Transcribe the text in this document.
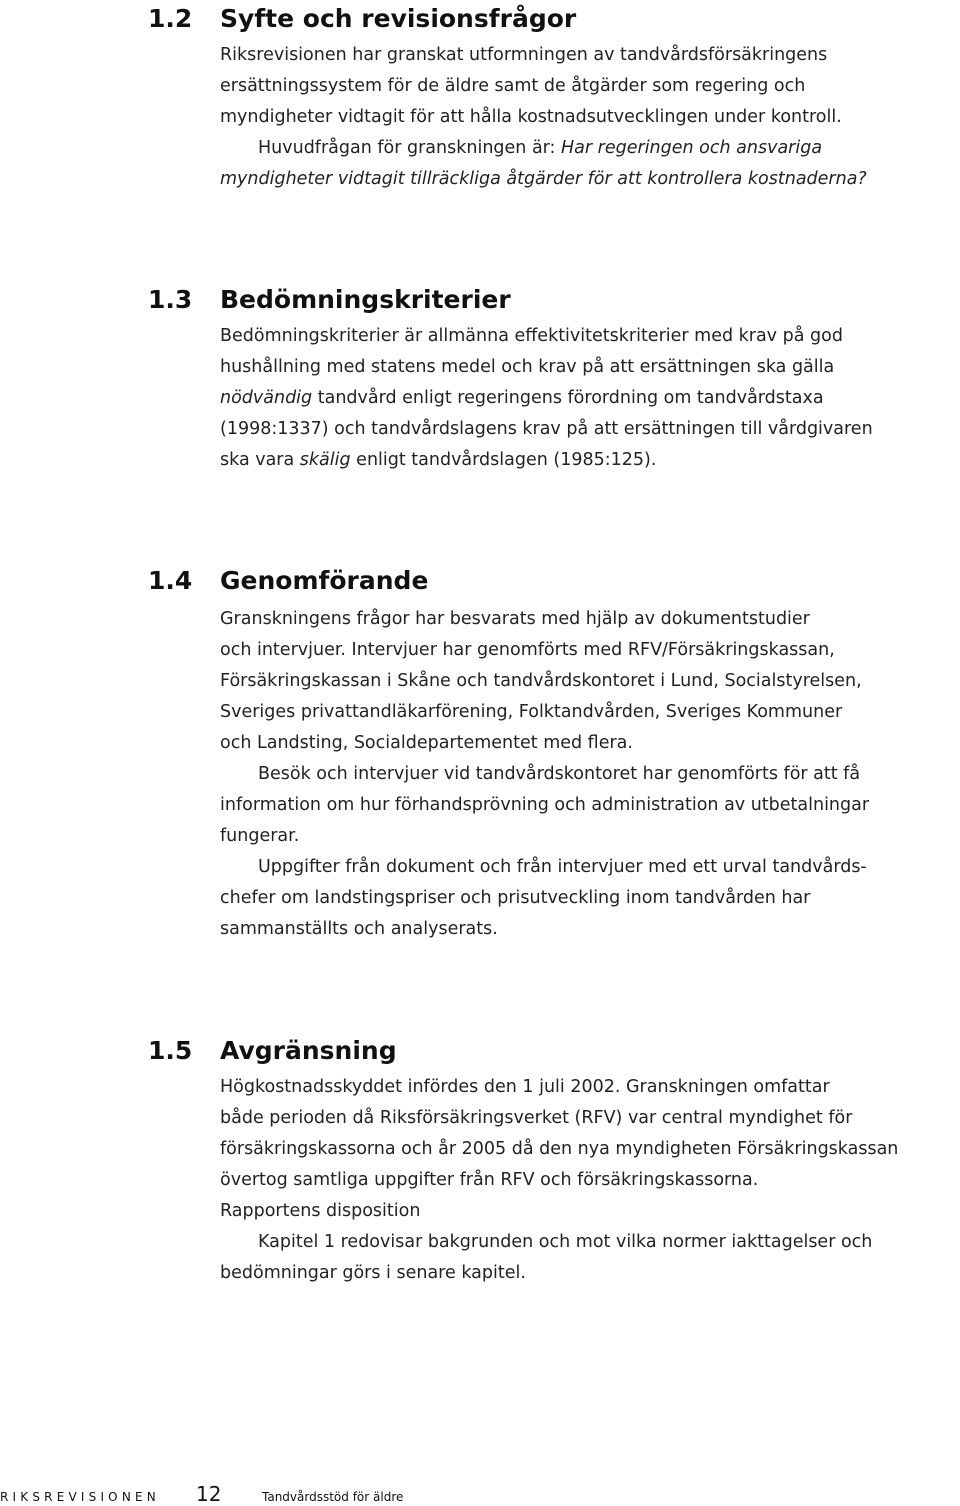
1.2 Syfte och revisionsfrågor

Riksrevisionen har granskat utformningen av tandvårdsförsäkringens
ersättningssystem för de äldre samt de åtgärder som regering och
myndigheter vidtagit för att hålla kostnadsutvecklingen under kontroll.

Huvudfrågan för granskningen är: Har regeringen och ansvariga
myndigheter vidtagit tillräckliga åtgärder för att kontrollera kostnaderna?

1.3 Bedömningskriterier

Bedömningskriterier är allmänna effektivitetskriterier med krav på god
hushållning med statens medel och krav på att ersättningen ska gälla
nödvändig tandvård enligt regeringens förordning om tandvårdstaxa
(1998:1337) och tandvårdslagens krav på att ersättningen till vårdgivaren
ska vara skälig enligt tandvårdslagen (1985:125).

1.4 Genomförande

Granskningens frågor har besvarats med hjälp av dokumentstudier
och intervjuer. Intervjuer har genomförts med RFV/Försäkringskassan,
Försäkringskassan i Skåne och tandvårdskontoret i Lund, Socialstyrelsen,
Sveriges privattandläkarförening, Folktandvården, Sveriges Kommuner
och Landsting, Socialdepartementet med flera.

Besök och intervjuer vid tandvårdskontoret har genomförts för att få
information om hur förhandsprövning och administration av utbetalningar
fungerar.

Uppgifter från dokument och från intervjuer med ett urval tandvårds-
chefer om landstingspriser och prisutveckling inom tandvården har
sammanställts och analyserats.

1.5 Avgränsning

Högkostnadsskyddet infördes den 1 juli 2002. Granskningen omfattar
både perioden då Riksförsäkringsverket (RFV) var central myndighet för
försäkringskassorna och år 2005 då den nya myndigheten Försäkringskassan
övertog samtliga uppgifter från RFV och försäkringskassorna.

Rapportens disposition

Kapitel 1 redovisar bakgrunden och mot vilka normer iakttagelser och
bedömningar görs i senare kapitel.

RIKSREVISIONEN 12	Tandvårdsstöd för äldre
